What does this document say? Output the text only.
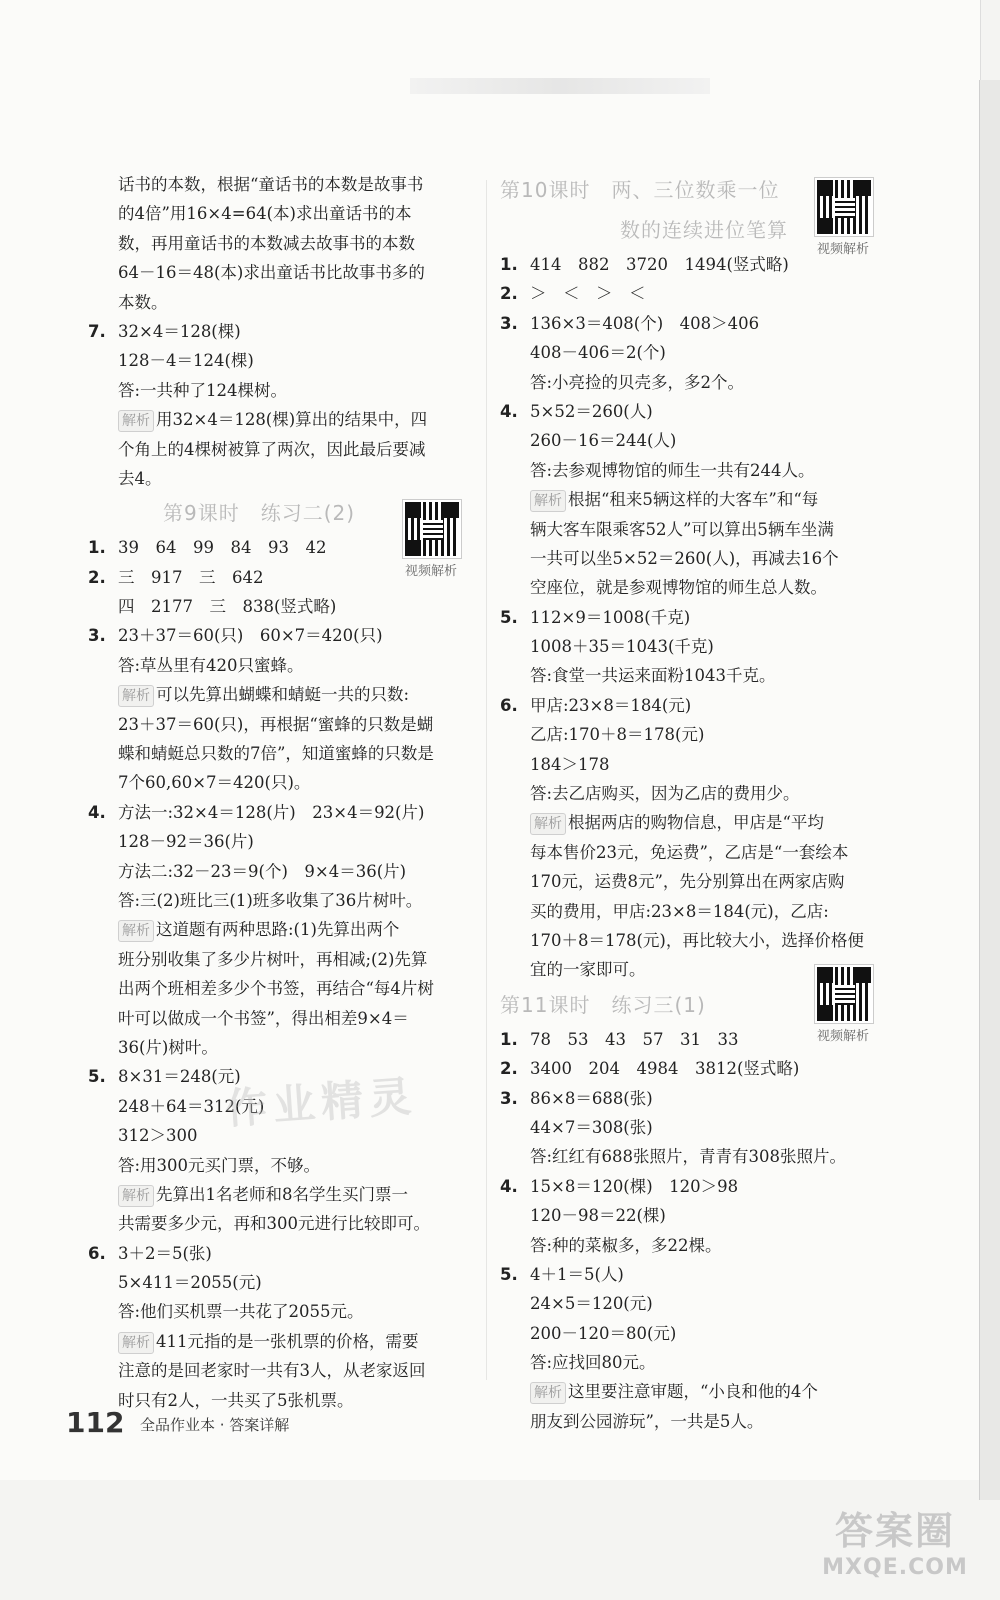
话书的本数，根据“童话书的本数是故事书
的4倍”用16×4=64(本)求出童话书的本
数，再用童话书的本数减去故事书的本数
64－16＝48(本)求出童话书比故事书多的
本数。
7. 32×4＝128(棵)
128－4＝124(棵)
答:一共种了124棵树。
解析 用32×4＝128(棵)算出的结果中，四
个角上的4棵树被算了两次，因此最后要减
去4。
第9课时　练习二(2)
1. 39　64　99　84　93　42
2. 三　917　三　642
四　2177　三　838(竖式略)
3. 23＋37＝60(只)　60×7＝420(只)
答:草丛里有420只蜜蜂。
解析 可以先算出蝴蝶和蜻蜓一共的只数:
23＋37＝60(只)，再根据“蜜蜂的只数是蝴
蝶和蜻蜓总只数的7倍”，知道蜜蜂的只数是
7个60,60×7＝420(只)。
4. 方法一:32×4＝128(片)　23×4＝92(片)
128－92＝36(片)
方法二:32－23＝9(个)　9×4＝36(片)
答:三(2)班比三(1)班多收集了36片树叶。
解析 这道题有两种思路:(1)先算出两个
班分别收集了多少片树叶，再相减;(2)先算
出两个班相差多少个书签，再结合“每4片树
叶可以做成一个书签”，得出相差9×4＝
36(片)树叶。
5. 8×31＝248(元)
248＋64＝312(元)
312＞300
答:用300元买门票，不够。
解析 先算出1名老师和8名学生买门票一
共需要多少元，再和300元进行比较即可。
6. 3＋2＝5(张)
5×411＝2055(元)
答:他们买机票一共花了2055元。
解析 411元指的是一张机票的价格，需要
注意的是回老家时一共有3人，从老家返回
时只有2人，一共买了5张机票。
第10课时　两、三位数乘一位
数的连续进位笔算
1. 414　882　3720　1494(竖式略)
2. ＞　＜　＞　＜
3. 136×3＝408(个)　408＞406
408－406＝2(个)
答:小亮捡的贝壳多，多2个。
4. 5×52＝260(人)
260－16＝244(人)
答:去参观博物馆的师生一共有244人。
解析 根据“租来5辆这样的大客车”和“每
辆大客车限乘客52人”可以算出5辆车坐满
一共可以坐5×52＝260(人)，再减去16个
空座位，就是参观博物馆的师生总人数。
5. 112×9＝1008(千克)
1008＋35＝1043(千克)
答:食堂一共运来面粉1043千克。
6. 甲店:23×8＝184(元)
乙店:170＋8＝178(元)
184＞178
答:去乙店购买，因为乙店的费用少。
解析 根据两店的购物信息，甲店是“平均
每本售价23元，免运费”，乙店是“一套绘本
170元，运费8元”，先分别算出在两家店购
买的费用，甲店:23×8＝184(元)，乙店:
170＋8＝178(元)，再比较大小，选择价格便
宜的一家即可。
第11课时　练习三(1)
1. 78　53　43　57　31　33
2. 3400　204　4984　3812(竖式略)
3. 86×8＝688(张)
44×7＝308(张)
答:红红有688张照片，青青有308张照片。
4. 15×8＝120(棵)　120＞98
120－98＝22(棵)
答:种的菜椒多，多22棵。
5. 4＋1＝5(人)
24×5＝120(元)
200－120＝80(元)
答:应找回80元。
解析 这里要注意审题，“小良和他的4个
朋友到公园游玩”，一共是5人。
视频解析
视频解析
视频解析
作业精灵
答案圈
MXQE.COM
112 全品作业本 · 答案详解
